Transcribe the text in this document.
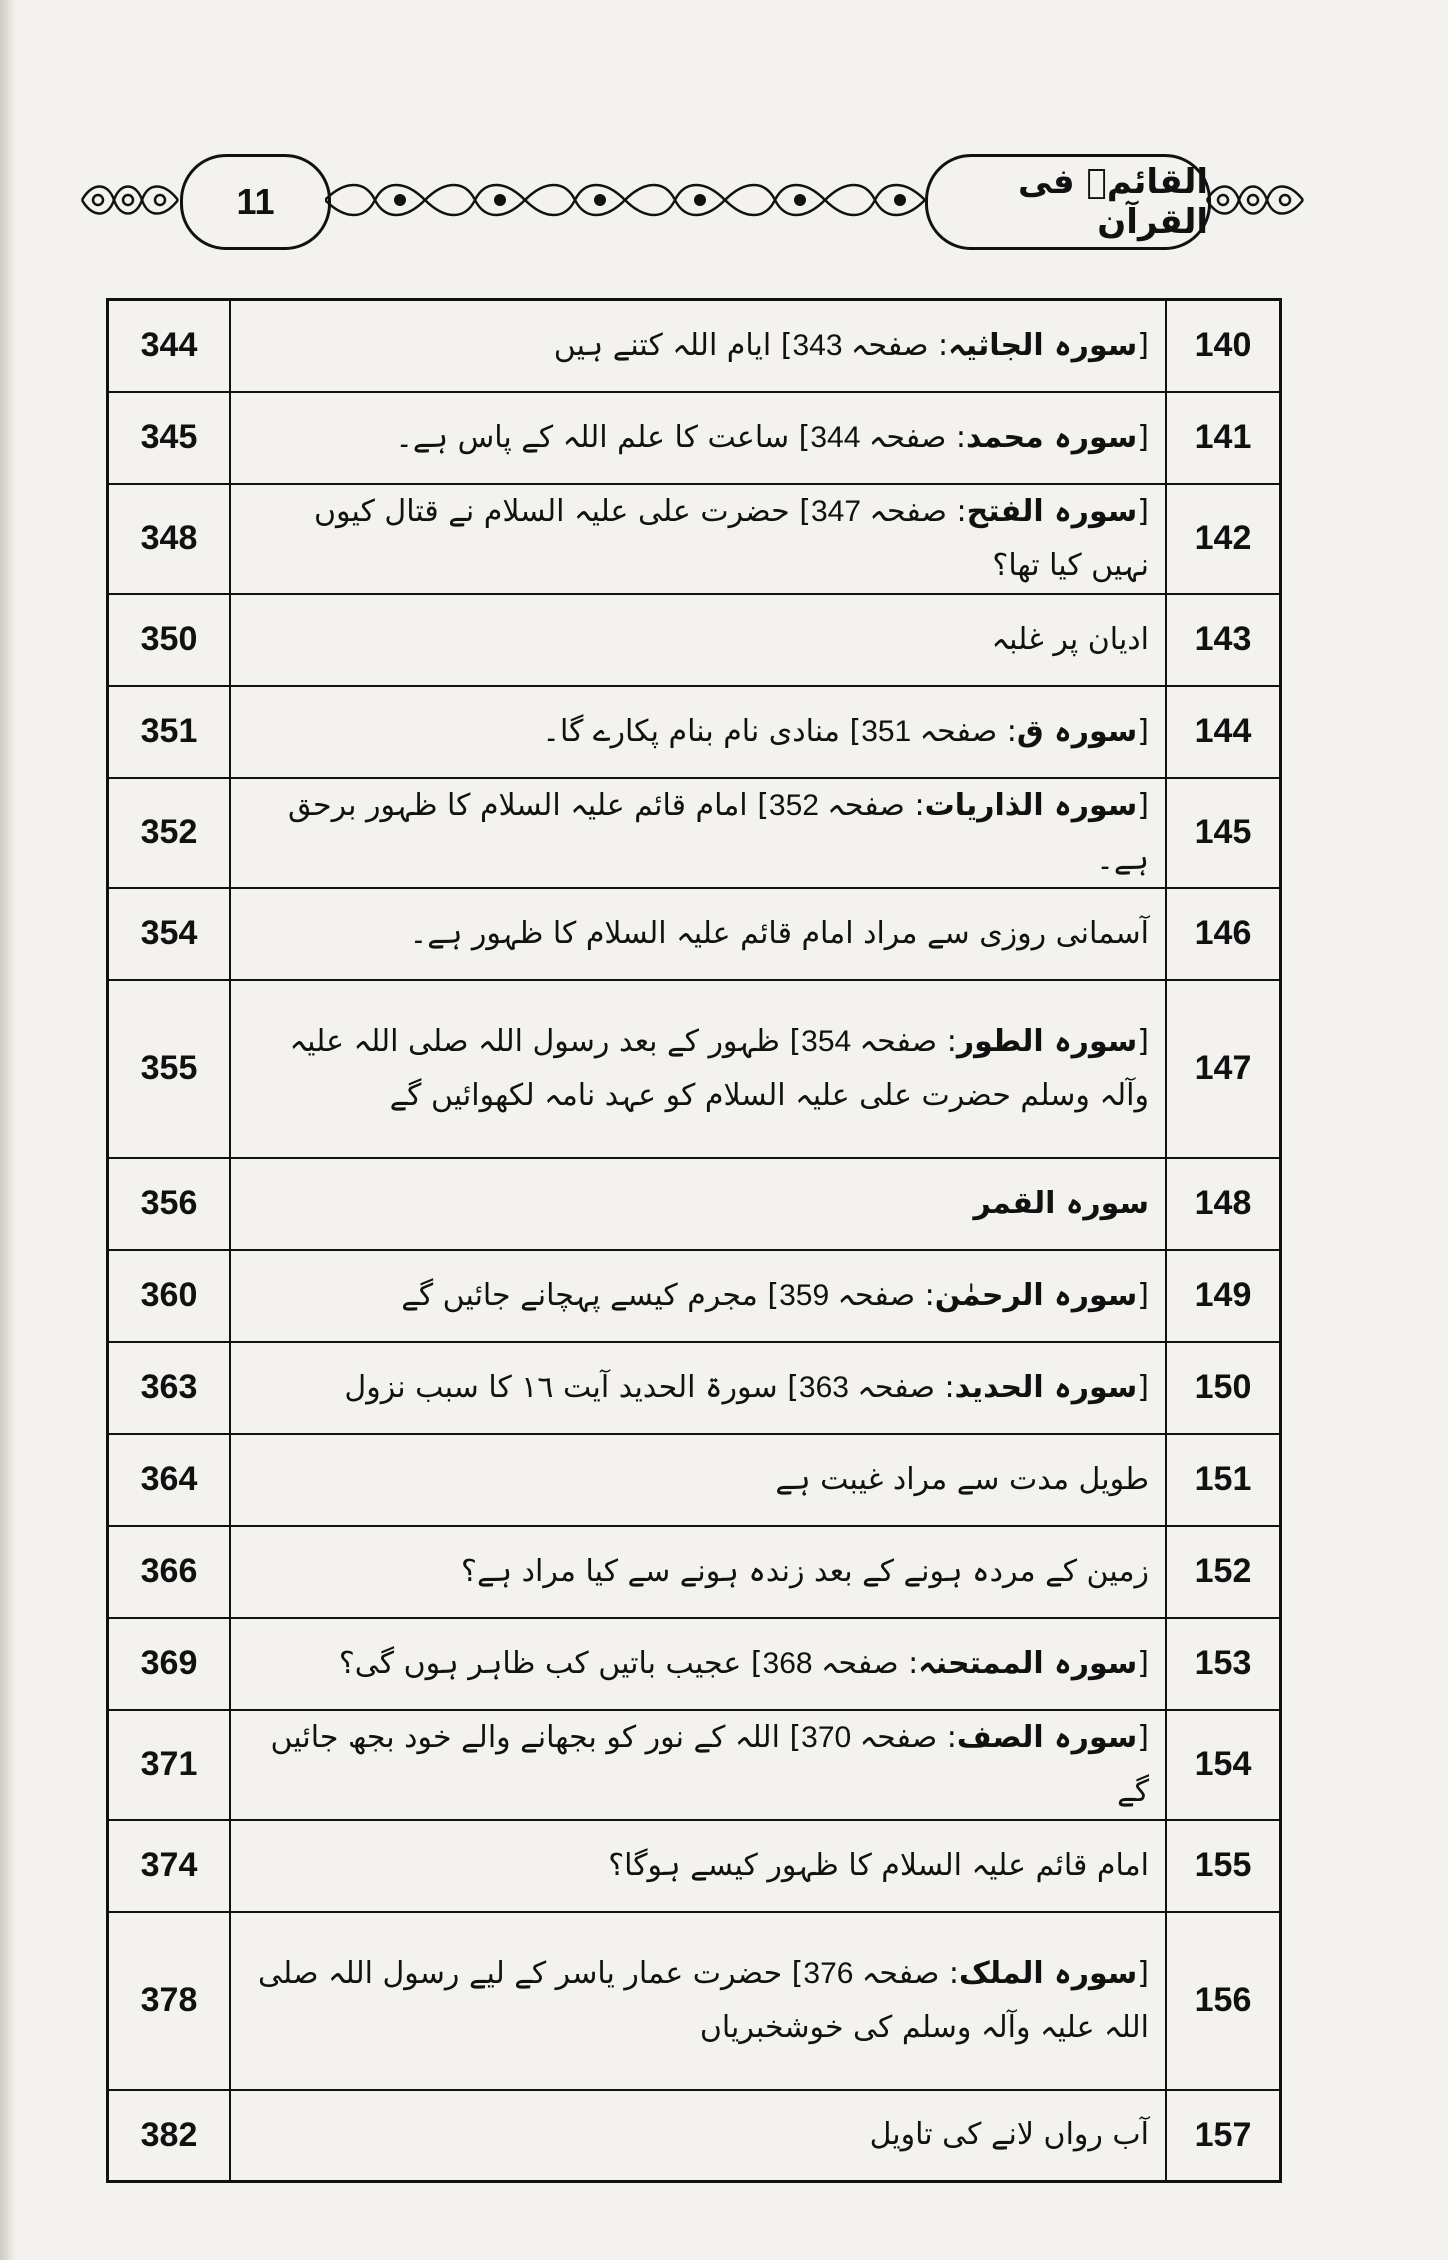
11	القائمؑ فی القرآن
140	[سورہ الجاثیہ: صفحہ 343] ایام اللہ کتنے ہیں	344
141	[سورہ محمد: صفحہ 344] ساعت کا علم اللہ کے پاس ہے۔	345
142	[سورہ الفتح: صفحہ 347] حضرت علی علیہ السلام نے قتال کیوں نہیں کیا تھا؟	348
143	ادیان پر غلبہ	350
144	[سورہ ق: صفحہ 351] منادی نام بنام پکارے گا۔	351
145	[سورہ الذاریات: صفحہ 352] امام قائم علیہ السلام کا ظہور برحق ہے۔	352
146	آسمانی روزی سے مراد امام قائم علیہ السلام کا ظہور ہے۔	354
147	[سورہ الطور: صفحہ 354] ظہور کے بعد رسول اللہ صلی اللہ علیہ وآلہ وسلم حضرت علی علیہ السلام کو عہد نامہ لکھوائیں گے	355
148	سورہ القمر	356
149	[سورہ الرحمٰن: صفحہ 359] مجرم کیسے پہچانے جائیں گے	360
150	[سورہ الحدید: صفحہ 363] سورۃ الحدید آیت ١٦ کا سبب نزول	363
151	طویل مدت سے مراد غیبت ہے	364
152	زمین کے مردہ ہونے کے بعد زندہ ہونے سے کیا مراد ہے؟	366
153	[سورہ الممتحنہ: صفحہ 368] عجیب باتیں کب ظاہر ہوں گی؟	369
154	[سورہ الصف: صفحہ 370] اللہ کے نور کو بجھانے والے خود بجھ جائیں گے	371
155	امام قائم علیہ السلام کا ظہور کیسے ہوگا؟	374
156	[سورہ الملک: صفحہ 376] حضرت عمار یاسر کے لیے رسول اللہ صلی اللہ علیہ وآلہ وسلم کی خوشخبریاں	378
157	آب رواں لانے کی تاویل	382
